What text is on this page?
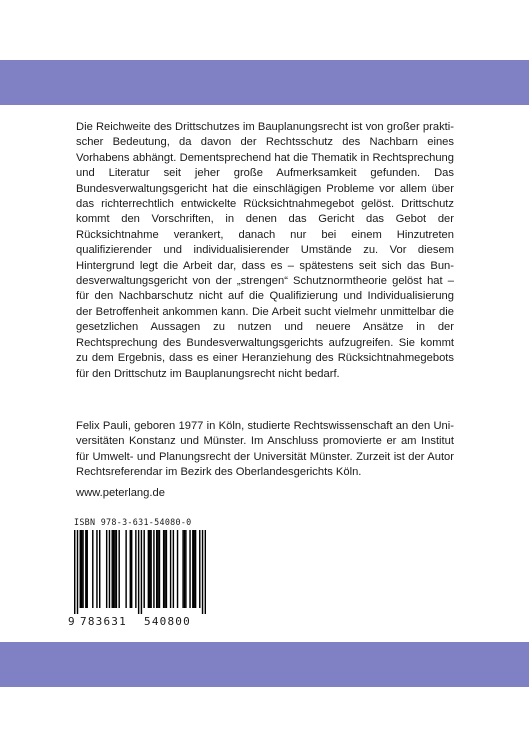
Die Reichweite des Drittschutzes im Bauplanungsrecht ist von großer praktischer Bedeutung, da davon der Rechtsschutz des Nachbarn eines Vorhabens abhängt. Dementsprechend hat die Thematik in Rechtsprechung und Literatur seit jeher große Aufmerksamkeit gefunden. Das Bundesverwaltungsgericht hat die einschlägigen Probleme vor allem über das richterrechtlich entwickelte Rücksichtnahmegebot gelöst. Drittschutz kommt den Vorschriften, in denen das Gericht das Gebot der Rücksichtnahme verankert, danach nur bei einem Hinzutreten qualifizierender und individualisierender Umstände zu. Vor diesem Hintergrund legt die Arbeit dar, dass es – spätestens seit sich das Bundesverwaltungsgericht von der „strengen“ Schutznormtheorie gelöst hat – für den Nachbarschutz nicht auf die Qualifizierung und Individualisierung der Betroffenheit ankommen kann. Die Arbeit sucht vielmehr unmittelbar die gesetzlichen Aussagen zu nutzen und neuere Ansätze in der Rechtsprechung des Bundesverwaltungsgerichts aufzugreifen. Sie kommt zu dem Ergebnis, dass es einer Heranziehung des Rücksichtnahmegebots für den Drittschutz im Bauplanungsrecht nicht bedarf.

Felix Pauli, geboren 1977 in Köln, studierte Rechtswissenschaft an den Universitäten Konstanz und Münster. Im Anschluss promovierte er am Institut für Umwelt- und Planungsrecht der Universität Münster. Zurzeit ist der Autor Rechtsreferendar im Bezirk des Oberlandesgerichts Köln.

www.peterlang.de
ISBN 978-3-631-54080-0
9 783631 540800
